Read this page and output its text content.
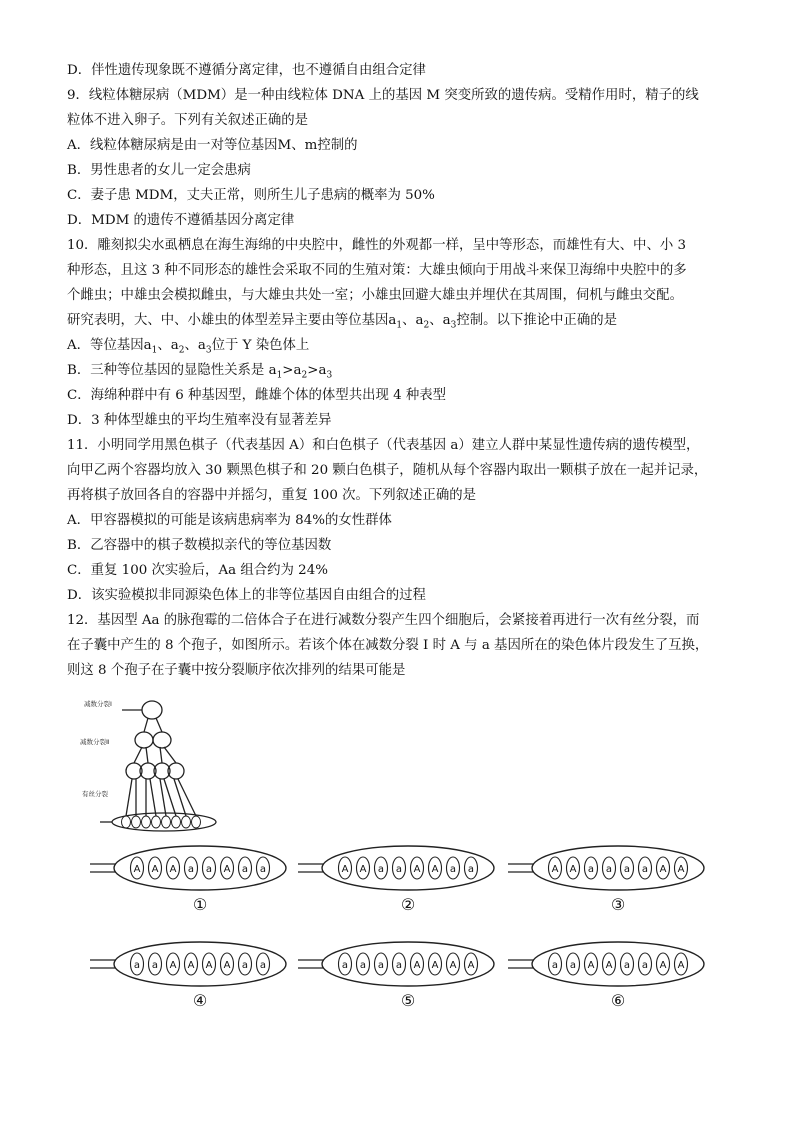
D．伴性遗传现象既不遵循分离定律，也不遵循自由组合定律
9．线粒体糖尿病（MDM）是一种由线粒体 DNA 上的基因 M 突变所致的遗传病。受精作用时，精子的线
粒体不进入卵子。下列有关叙述正确的是
A．线粒体糖尿病是由一对等位基因M、m控制的
B．男性患者的女儿一定会患病
C．妻子患 MDM，丈夫正常，则所生儿子患病的概率为 50%
D．MDM 的遗传不遵循基因分离定律
10．雕刻拟尖水虱栖息在海生海绵的中央腔中，雌性的外观都一样，呈中等形态，而雄性有大、中、小 3
种形态，且这 3 种不同形态的雄性会采取不同的生殖对策：大雄虫倾向于用战斗来保卫海绵中央腔中的多
个雌虫；中雄虫会模拟雌虫，与大雄虫共处一室；小雄虫回避大雄虫并埋伏在其周围，伺机与雌虫交配。
研究表明，大、中、小雄虫的体型差异主要由等位基因$a_1$、$a_2$、$a_3$控制。以下推论中正确的是
A．等位基因$a_1$、$a_2$、$a_3$位于 Y 染色体上
B．三种等位基因的显隐性关系是 $a_1>a_2>a_3$
C．海绵种群中有 6 种基因型，雌雄个体的体型共出现 4 种表型
D．3 种体型雄虫的平均生殖率没有显著差异
11．小明同学用黑色棋子（代表基因 A）和白色棋子（代表基因 a）建立人群中某显性遗传病的遗传模型，
向甲乙两个容器均放入 30 颗黑色棋子和 20 颗白色棋子，随机从每个容器内取出一颗棋子放在一起并记录，
再将棋子放回各自的容器中并摇匀，重复 100 次。下列叙述正确的是
A．甲容器模拟的可能是该病患病率为 84%的女性群体
B．乙容器中的棋子数模拟亲代的等位基因数
C．重复 100 次实验后，Aa 组合约为 24%
D．该实验模拟非同源染色体上的非等位基因自由组合的过程
12．基因型 Aa 的脉孢霉的二倍体合子在进行减数分裂产生四个细胞后，会紧接着再进行一次有丝分裂，而
在子囊中产生的 8 个孢子，如图所示。若该个体在减数分裂 I 时 A 与 a 基因所在的染色体片段发生了互换，
则这 8 个孢子在子囊中按分裂顺序依次排列的结果可能是
减数分裂Ⅰ
减数分裂Ⅱ
有丝分裂
A A A a a A a a
①
A A a a A A a a
②
A A a a a a A A
③
a a A A A A a a
④
a a a a A A A A
⑤
a a A A a a A A
⑥
